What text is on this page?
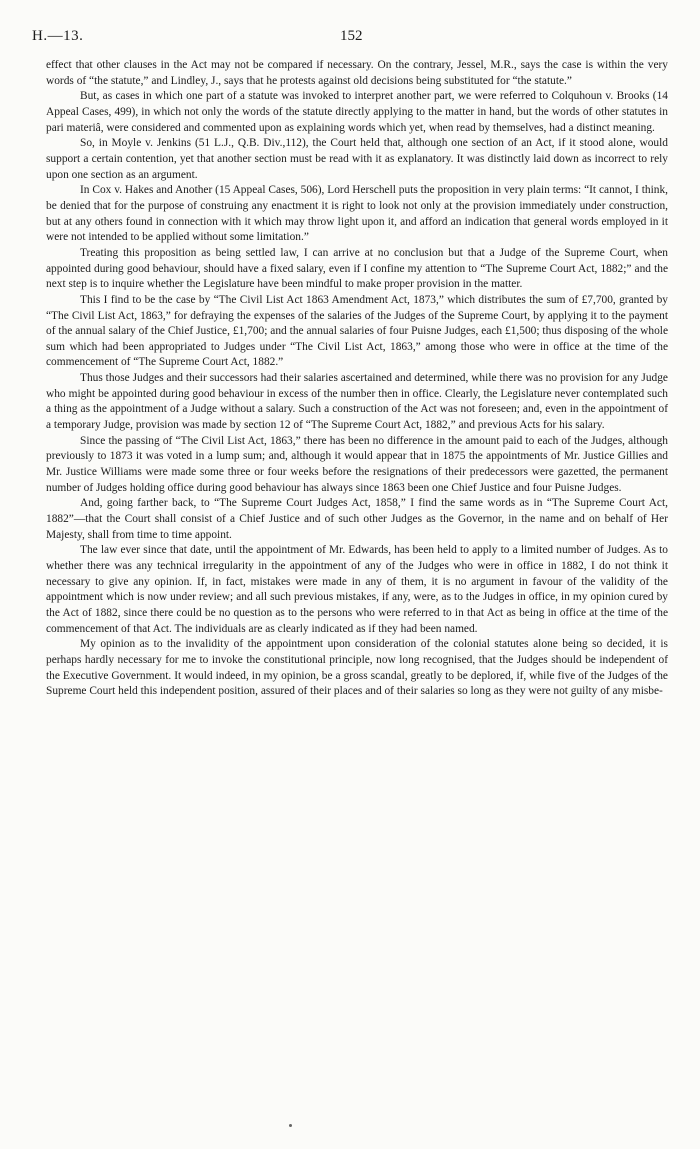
H.—13.	152

effect that other clauses in the Act may not be compared if necessary. On the contrary, Jessel, M.R., says the case is within the very words of “the statute,” and Lindley, J., says that he protests against old decisions being substituted for “the statute.”

But, as cases in which one part of a statute was invoked to interpret another part, we were referred to Colquhoun v. Brooks (14 Appeal Cases, 499), in which not only the words of the statute directly applying to the matter in hand, but the words of other statutes in pari materiâ, were considered and commented upon as explaining words which yet, when read by themselves, had a distinct meaning.

So, in Moyle v. Jenkins (51 L.J., Q.B. Div.,112), the Court held that, although one section of an Act, if it stood alone, would support a certain contention, yet that another section must be read with it as explanatory. It was distinctly laid down as incorrect to rely upon one section as an argument.

In Cox v. Hakes and Another (15 Appeal Cases, 506), Lord Herschell puts the proposition in very plain terms: “It cannot, I think, be denied that for the purpose of construing any enactment it is right to look not only at the provision immediately under construction, but at any others found in connection with it which may throw light upon it, and afford an indication that general words employed in it were not intended to be applied without some limitation.”

Treating this proposition as being settled law, I can arrive at no conclusion but that a Judge of the Supreme Court, when appointed during good behaviour, should have a fixed salary, even if I confine my attention to “The Supreme Court Act, 1882;” and the next step is to inquire whether the Legislature have been mindful to make proper provision in the matter.

This I find to be the case by “The Civil List Act 1863 Amendment Act, 1873,” which distributes the sum of £7,700, granted by “The Civil List Act, 1863,” for defraying the expenses of the salaries of the Judges of the Supreme Court, by applying it to the payment of the annual salary of the Chief Justice, £1,700; and the annual salaries of four Puisne Judges, each £1,500; thus disposing of the whole sum which had been appropriated to Judges under “The Civil List Act, 1863,” among those who were in office at the time of the commencement of “The Supreme Court Act, 1882.”

Thus those Judges and their successors had their salaries ascertained and determined, while there was no provision for any Judge who might be appointed during good behaviour in excess of the number then in office. Clearly, the Legislature never contemplated such a thing as the appointment of a Judge without a salary. Such a construction of the Act was not foreseen; and, even in the appointment of a temporary Judge, provision was made by section 12 of “The Supreme Court Act, 1882,” and previous Acts for his salary.

Since the passing of “The Civil List Act, 1863,” there has been no difference in the amount paid to each of the Judges, although previously to 1873 it was voted in a lump sum; and, although it would appear that in 1875 the appointments of Mr. Justice Gillies and Mr. Justice Williams were made some three or four weeks before the resignations of their predecessors were gazetted, the permanent number of Judges holding office during good behaviour has always since 1863 been one Chief Justice and four Puisne Judges.

And, going farther back, to “The Supreme Court Judges Act, 1858,” I find the same words as in “The Supreme Court Act, 1882”—that the Court shall consist of a Chief Justice and of such other Judges as the Governor, in the name and on behalf of Her Majesty, shall from time to time appoint.

The law ever since that date, until the appointment of Mr. Edwards, has been held to apply to a limited number of Judges. As to whether there was any technical irregularity in the appointment of any of the Judges who were in office in 1882, I do not think it necessary to give any opinion. If, in fact, mistakes were made in any of them, it is no argument in favour of the validity of the appointment which is now under review; and all such previous mistakes, if any, were, as to the Judges in office, in my opinion cured by the Act of 1882, since there could be no question as to the persons who were referred to in that Act as being in office at the time of the commencement of that Act. The individuals are as clearly indicated as if they had been named.

My opinion as to the invalidity of the appointment upon consideration of the colonial statutes alone being so decided, it is perhaps hardly necessary for me to invoke the constitutional principle, now long recognised, that the Judges should be independent of the Executive Government. It would indeed, in my opinion, be a gross scandal, greatly to be deplored, if, while five of the Judges of the Supreme Court held this independent position, assured of their places and of their salaries so long as they were not guilty of any misbe-
